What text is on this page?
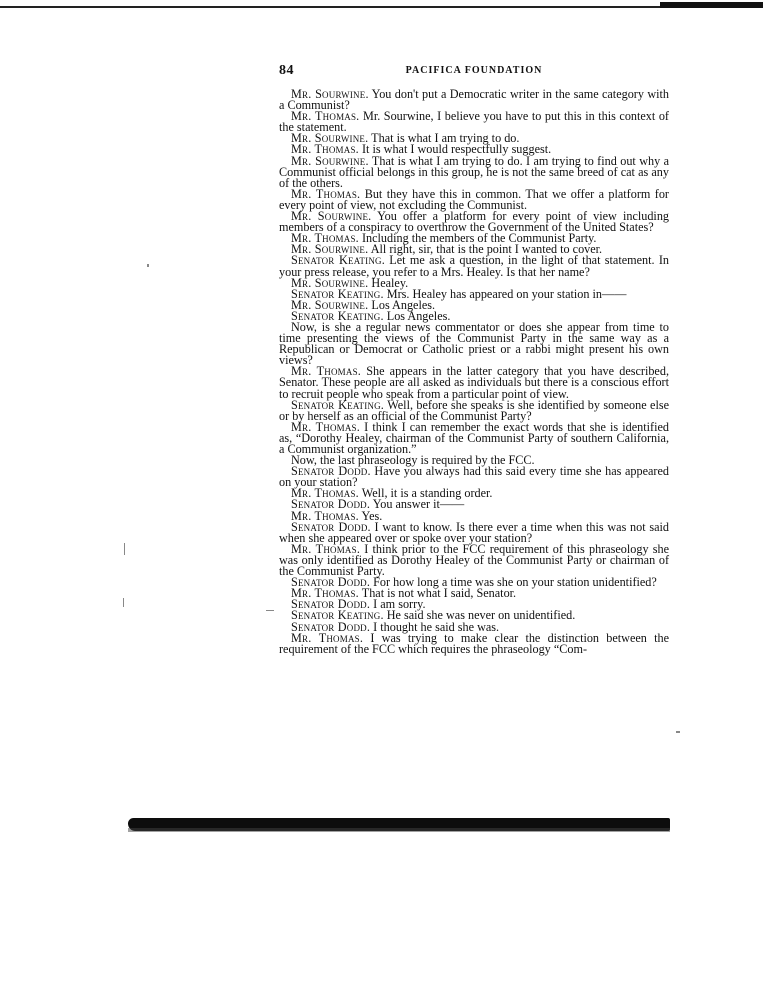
84	PACIFICA FOUNDATION

Mr. Sourwine. You don't put a Democratic writer in the same category with a Communist?

Mr. Thomas. Mr. Sourwine, I believe you have to put this in this context of the statement.

Mr. Sourwine. That is what I am trying to do.

Mr. Thomas. It is what I would respectfully suggest.

Mr. Sourwine. That is what I am trying to do. I am trying to find out why a Communist official belongs in this group, he is not the same breed of cat as any of the others.

Mr. Thomas. But they have this in common. That we offer a platform for every point of view, not excluding the Communist.

Mr. Sourwine. You offer a platform for every point of view including members of a conspiracy to overthrow the Government of the United States?

Mr. Thomas. Including the members of the Communist Party.

Mr. Sourwine. All right, sir, that is the point I wanted to cover.

Senator Keating. Let me ask a question, in the light of that statement. In your press release, you refer to a Mrs. Healey. Is that her name?

Mr. Sourwine. Healey.

Senator Keating. Mrs. Healey has appeared on your station in——

Mr. Sourwine. Los Angeles.

Senator Keating. Los Angeles.

Now, is she a regular news commentator or does she appear from time to time presenting the views of the Communist Party in the same way as a Republican or Democrat or Catholic priest or a rabbi might present his own views?

Mr. Thomas. She appears in the latter category that you have described, Senator. These people are all asked as individuals but there is a conscious effort to recruit people who speak from a particular point of view.

Senator Keating. Well, before she speaks is she identified by someone else or by herself as an official of the Communist Party?

Mr. Thomas. I think I can remember the exact words that she is identified as, “Dorothy Healey, chairman of the Communist Party of southern California, a Communist organization.”

Now, the last phraseology is required by the FCC.

Senator Dodd. Have you always had this said every time she has appeared on your station?

Mr. Thomas. Well, it is a standing order.

Senator Dodd. You answer it——

Mr. Thomas. Yes.

Senator Dodd. I want to know. Is there ever a time when this was not said when she appeared over or spoke over your station?

Mr. Thomas. I think prior to the FCC requirement of this phraseology she was only identified as Dorothy Healey of the Communist Party or chairman of the Communist Party.

Senator Dodd. For how long a time was she on your station unidentified?

Mr. Thomas. That is not what I said, Senator.

Senator Dodd. I am sorry.

Senator Keating. He said she was never on unidentified.

Senator Dodd. I thought he said she was.

Mr. Thomas. I was trying to make clear the distinction between the requirement of the FCC which requires the phraseology “Com-
